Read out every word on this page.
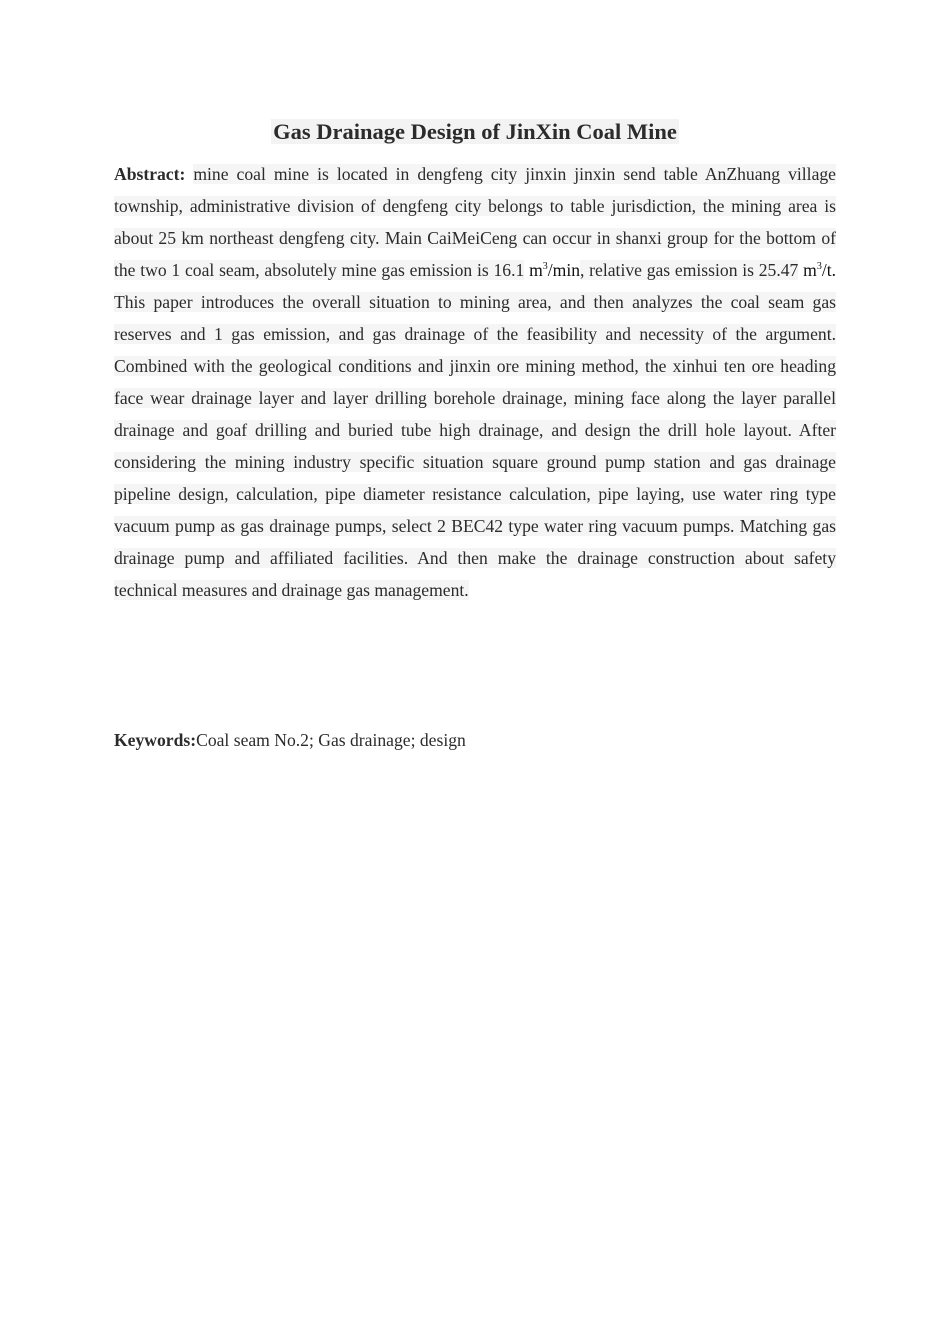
Gas Drainage Design of JinXin Coal Mine

Abstract: mine coal mine is located in dengfeng city jinxin jinxin send table AnZhuang village township, administrative division of dengfeng city belongs to table jurisdiction, the mining area is about 25 km northeast dengfeng city. Main CaiMeiCeng can occur in shanxi group for the bottom of the two 1 coal seam, absolutely mine gas emission is 16.1 $m^3/\min$, relative gas emission is 25.47 $m^3/t$. This paper introduces the overall situation to mining area, and then analyzes the coal seam gas reserves and 1 gas emission, and gas drainage of the feasibility and necessity of the argument. Combined with the geological conditions and jinxin ore mining method, the xinhui ten ore heading face wear drainage layer and layer drilling borehole drainage, mining face along the layer parallel drainage and goaf drilling and buried tube high drainage, and design the drill hole layout. After considering the mining industry specific situation square ground pump station and gas drainage pipeline design, calculation, pipe diameter resistance calculation, pipe laying, use water ring type vacuum pump as gas drainage pumps, select 2 BEC42 type water ring vacuum pumps. Matching gas drainage pump and affiliated facilities. And then make the drainage construction about safety technical measures and drainage gas management.

Keywords:Coal seam No.2; Gas drainage; design
